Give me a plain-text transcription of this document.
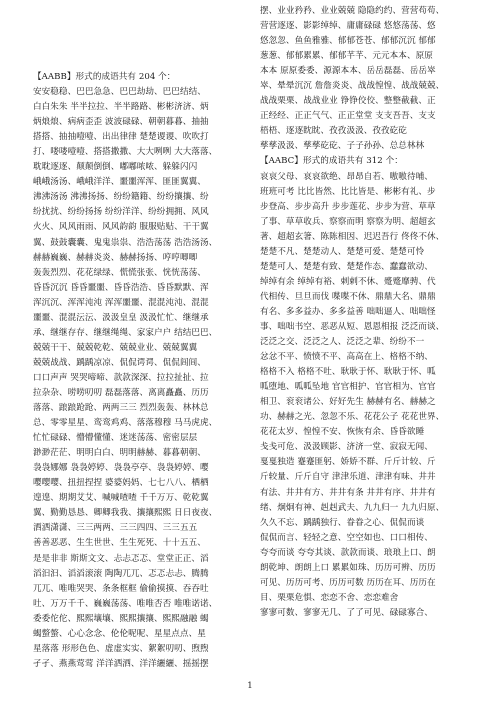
【AABB】形式的成语共有 204 个：
安安稳稳、巴巴急急、巴巴劫劫、巴巴结结、
白白朱朱 半半拉拉、半半路路、彬彬济济、炳
炳烺烺、病病歪歪 波波碌碌、朝朝暮暮、抽抽
搭搭、抽抽噎噎、出出律律 楚楚谡谡、吹吹打
打、喽喽噎噎、搭搭撒撒、大大咧咧 大大落落、
耽耽逐逐、颠颠倒倒、嘟嘟哝哝、躲躲闪闪
峨峨汤汤、峨峨洋洋、噩噩浑浑、匪匪翼翼、
沸沸汤汤 沸沸扬扬、纷纷籍籍、纷纷攘攘、纷
纷扰扰、纷纷扬扬 纷纷洋洋、纷纷拥拥、风风
火火、风风雨雨、风风韵韵 服服贴贴、干干翼
翼、鼓鼓囊囊、鬼鬼祟祟、浩浩荡荡 浩浩汤汤、
赫赫巍巍、赫赫炎炎、赫赫扬扬、哼哼唧唧
轰轰烈烈、花花绿绿、慌慌张张、恍恍荡荡、
昏昏沉沉 昏昏噩噩、昏昏浩浩、昏昏默默、浑
浑沉沉、浑浑沌沌 浑浑噩噩、混混沌沌、混混
噩噩、混混沄沄、汲汲皇皇 汲汲忙忙、继继承
承、继继存存、继继绳绳、家家户户 结结巴巴、
兢兢干干、兢兢乾乾、兢兢业业、兢兢翼翼
兢兢战战、踽踽凉凉、侃侃谔谔、侃侃闾闾、
口口声声 哭哭啼啼、款款深深、拉拉扯扯、拉
拉杂杂、唠唠叨叨 磊磊落落、离离矗矗、历历
落落、踉踉跄跄、两两三三 烈烈轰轰、林林总
总、零零星星、鸾鸾鸡鸡、落落穆穆 马马虎虎、
忙忙碌碌、懵懵懂懂、迷迷荡荡、密密层层
渺渺茫茫、明明白白、明明赫赫、暮暮朝朝、
袅袅娜娜 袅袅婷婷、袅袅亭亭、袅袅婷婷、嘤
嘤嘤嘤、扭扭捏捏 婆婆妈妈、七七八八、栖栖
遑遑、期期艾艾、喊喊喳喳 千千万万、乾乾翼
翼、勤勤恳恳、卿卿我我、攘攘熙熙 日日夜夜、
洒洒潇潇、三三两两、三三四四、三三五五
善善恶恶、生生世世、生生死死、十十五五、
是是非非 斯斯文文、忐忐忑忑、堂堂正正、滔
滔汩汩、滔滔滚滚 陶陶兀兀、忑忑忐忐、腾腾
兀兀、唯唯哭哭、条条框框 偷偷摸摸、吞吞吐
吐、万万千千、巍巍荡荡、唯唯否否 唯唯诺诺、
委委佗佗、熙熙壤壤、熙熙攘攘、熙熙融融 蝎
蝎螫螫、心心念念、伦伦呢呢、星星点点、星
星落落 形形色色、虚虚实实、絮絮叨叨、煦煦
孑孑、燕燕莺莺 洋洋洒洒、洋洋纚纚、摇摇摆
摆、业业矜矜、业业兢兢 隐隐约约、营营苟苟、
营营逐逐、影影绰绰、庸庸碌碌 悠悠荡荡、悠
悠忽忽、鱼鱼雅雅、郁郁苍苍、郁郁沉沉 郁郁
葱葱、郁郁累累、郁郁芊芊、元元本本、原原
本本 原原委委、源源本本、岳岳磊磊、岳岳崒
崒、晕晕沉沉 詹詹炎炎、战战惶惶、战战兢兢、
战战栗栗、战战业业 铮铮佼佼、整整截截、正
正经经、正正气气、正正堂堂 支支吾吾、支支
梧梧、逐逐眈眈、孜孜汲汲、孜孜矻矻
孳孳汲汲、孳孳矻矻、子子孙孙、总总林林
【AABC】形式的成语共有 312 个：
哀哀父母、哀哀欲绝、昂昂自若、嗷嗷待哺、
班班可考 比比皆然、比比皆是、彬彬有礼、步
步登高、步步高升 步步莲花、步步为营、草草
了事、草草收兵、察察而明 察察为明、超超玄
著、超超玄箸、陈陈相因、迟迟吾行 佟佟不休、
楚楚不凡、楚楚动人、楚楚可爱、楚楚可怜
楚楚可人、楚楚有致、楚楚作态、蠢蠢欲动、
绰绰有余 绰绰有裕、剌剌不休、蹙蹙靡骋、代
代相传、旦旦而伐 喋喋不休、鼎鼎大名、鼎鼎
有名、多多益办、多多益善 咄咄逼人、咄咄怪
事、咄咄书空、恶恶从短、恩恩相报 泛泛而谈、
泛泛之交、泛泛之人、泛泛之辈、纷纷不一
忿忿不平、愤愤不平、高高在上、格格不纳、
格格不入 格格不吐、耿耿于怀、耿耿于怀、呱
呱堕地、呱呱坠地 官官相护、官官相为、官官
相卫、衮衮诸公、好好先生 赫赫有名、赫赫之
功、赫赫之光、忽忽不乐、花花公子 花花世界、
花花太岁、惶惶不安、恢恢有余、昏昏欲睡
戋戋可危、汲汲顾影、济济一堂、寂寂无闻、
戛戛独造 蹇蹇匪躬、娇娇不群、斤斤计较、斤
斤较量、斤斤自守 津津乐道、津津有味、井井
有法、井井有方、井井有条 井井有序、井井有
绪、炯炯有神、赳赳武夫、九九归一 九九归原、
久久不忘、踽踽独行、眷眷之心、侃侃而谈
侃侃而言、轻轻之意、空空如也、口口相传、
夸夸而谈 夸夸其谈、款款而谈、琅琅上口、朗
朗乾坤、朗朗上口 累累如珠、历历可辨、历历
可见、历历可考、历历可数 历历在耳、历历在
目、栗栗危惧、恋恋不舍、恋恋难舍
寥寥可数、寥寥无几、了了可见、碌碌寡合、
1
